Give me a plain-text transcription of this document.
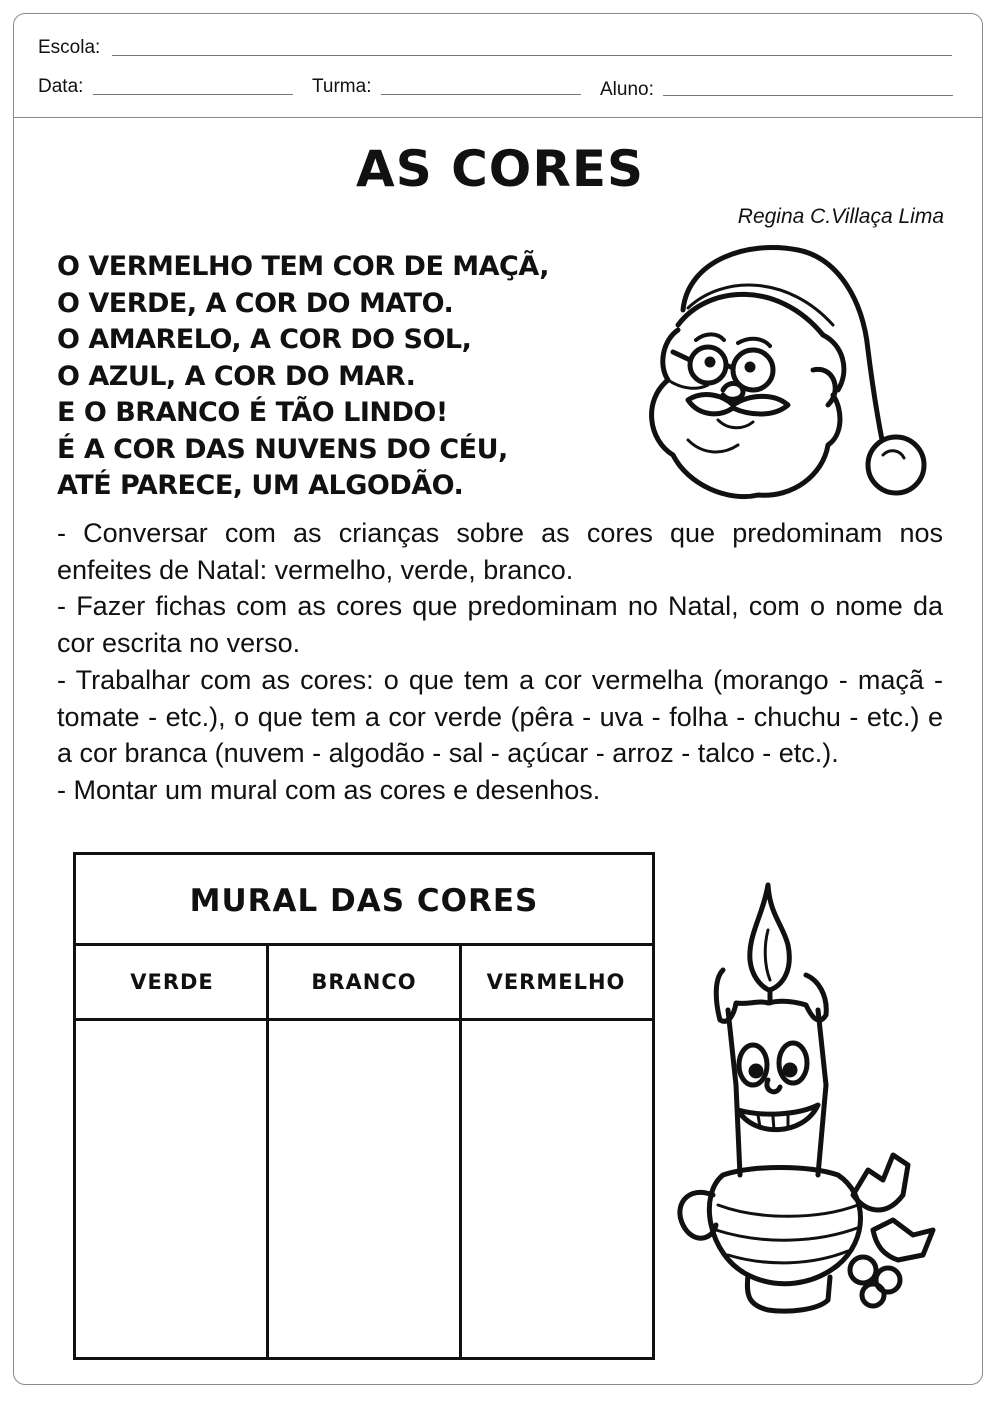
Escola:
Data:	Turma:	Aluno:
AS CORES
Regina C.Villaça Lima
O VERMELHO TEM COR DE MAÇÃ,
O VERDE, A COR DO MATO.
O AMARELO, A COR DO SOL,
O AZUL, A COR DO MAR.
E O BRANCO É TÃO LINDO!
É A COR DAS NUVENS DO CÉU,
ATÉ PARECE, UM ALGODÃO.

- Conversar com as crianças sobre as cores que predominam nos enfeites de Natal: vermelho, verde, branco.

- Fazer fichas com as cores que predominam no Natal, com o nome da cor escrita no verso.

- Trabalhar com as cores: o que tem a cor vermelha (morango - maçã - tomate - etc.), o que tem a cor verde (pêra - uva - folha - chuchu - etc.) e a cor branca (nuvem - algodão - sal - açúcar - arroz - talco - etc.).

- Montar um mural com as cores e desenhos.

MURAL DAS CORES
VERDE	BRANCO	VERMELHO
